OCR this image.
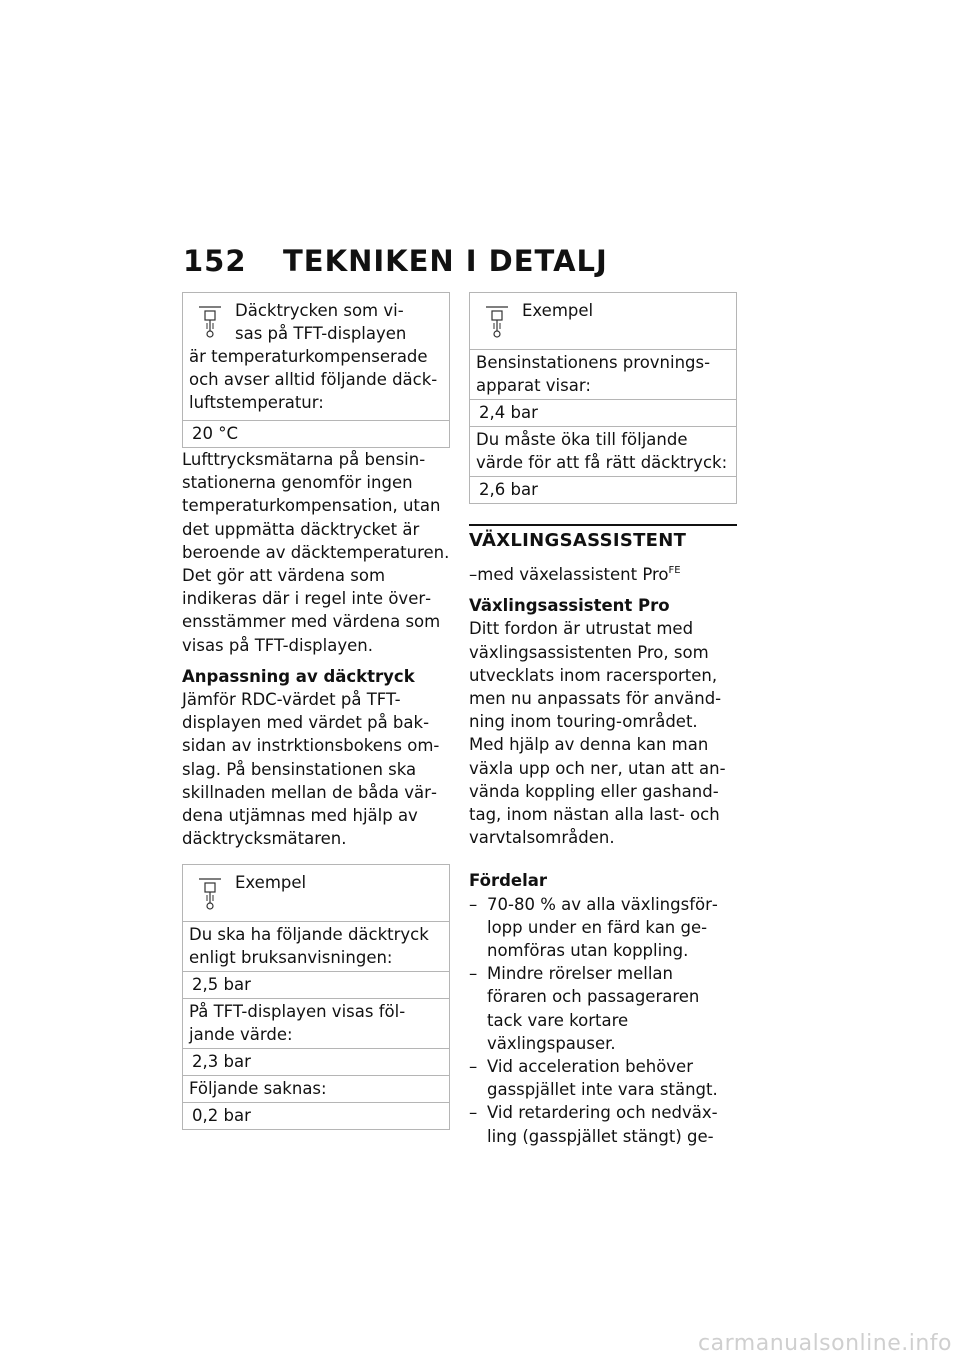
152 TEKNIKEN I DETALJ
Däcktrycken som vi-
sas på TFT-displayen
är temperaturkompenserade och avser alltid följande däckluftstemperatur:
20 °C

Lufttrycksmätarna på bensinstationerna genomför ingen temperaturkompensation, utan det uppmätta däcktrycket är beroende av däcktemperaturen. Det gör att värdena som indikeras där i regel inte överensstämmer med värdena som visas på TFT-displayen.

Anpassning av däcktryck

Jämför RDC-värdet på TFT-displayen med värdet på baksidan av instrktionsbokens omslag. På bensinstationen ska skillnaden mellan de båda värdena utjämnas med hjälp av däcktrycksmätaren.

Exempel
Du ska ha följande däcktryck enligt bruksanvisningen:
2,5 bar
På TFT-displayen visas följande värde:
2,3 bar
Följande saknas:
0,2 bar
Exempel
Bensinstationens provningsapparat visar:
2,4 bar
Du måste öka till följande värde för att få rätt däcktryck:
2,6 bar
VÄXLINGSASSISTENT

–med växelassistent Pro$^{FE}$

Växlingsassistent Pro

Ditt fordon är utrustat med växlingsassistenten Pro, som utvecklats inom racersporten, men nu anpassats för användning inom touring-området. Med hjälp av denna kan man växla upp och ner, utan att använda koppling eller gashandtag, inom nästan alla last- och varvtalsområden.

Fördelar

– 70-80 % av alla växlingsförlopp under en färd kan genomföras utan koppling.
– Mindre rörelser mellan föraren och passageraren tack vare kortare växlingspauser.
– Vid acceleration behöver gasspjället inte vara stängt.
– Vid retardering och nedväxling (gasspjället stängt) ge-
carmanualsonline.info
